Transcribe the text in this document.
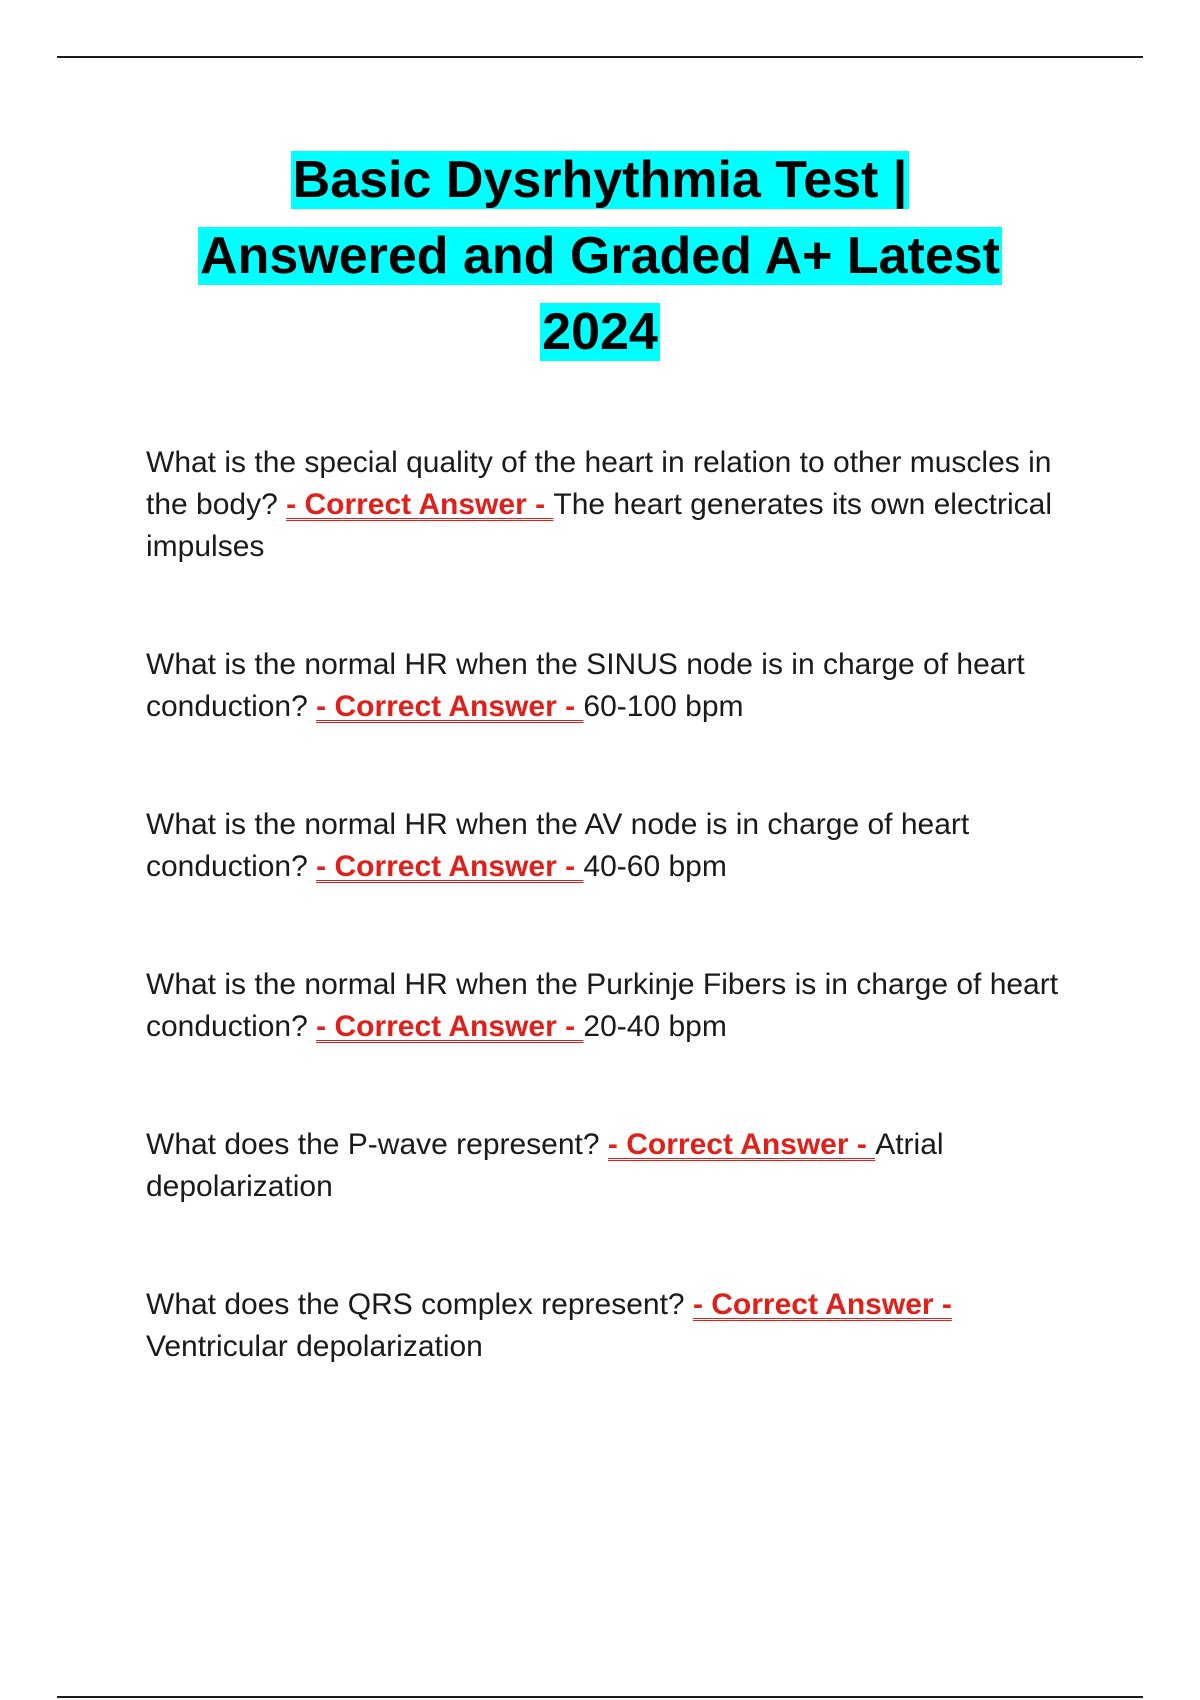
Basic Dysrhythmia Test |
Answered and Graded A+ Latest
2024

What is the special quality of the heart in relation to other muscles in the body? - Correct Answer - The heart generates its own electrical impulses

What is the normal HR when the SINUS node is in charge of heart conduction? - Correct Answer - 60-100 bpm

What is the normal HR when the AV node is in charge of heart conduction? - Correct Answer - 40-60 bpm

What is the normal HR when the Purkinje Fibers is in charge of heart conduction? - Correct Answer - 20-40 bpm

What does the P-wave represent? - Correct Answer - Atrial depolarization

What does the QRS complex represent? - Correct Answer - Ventricular depolarization
